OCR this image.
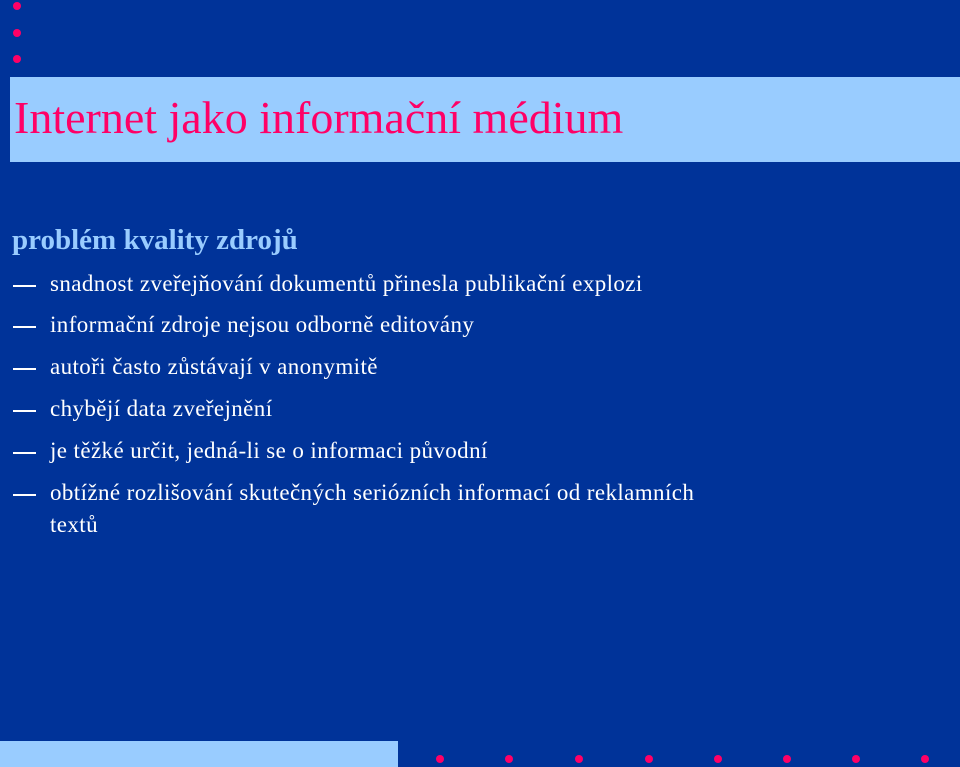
Internet jako informační médium
problém kvality zdrojů
snadnost zveřejňování dokumentů přinesla publikační explozi
informační zdroje nejsou odborně editovány
autoři často zůstávají v anonymitě
chybějí data zveřejnění
je těžké určit, jedná-li se o informaci původní
obtížné rozlišování skutečných seriózních informací od reklamních
textů
